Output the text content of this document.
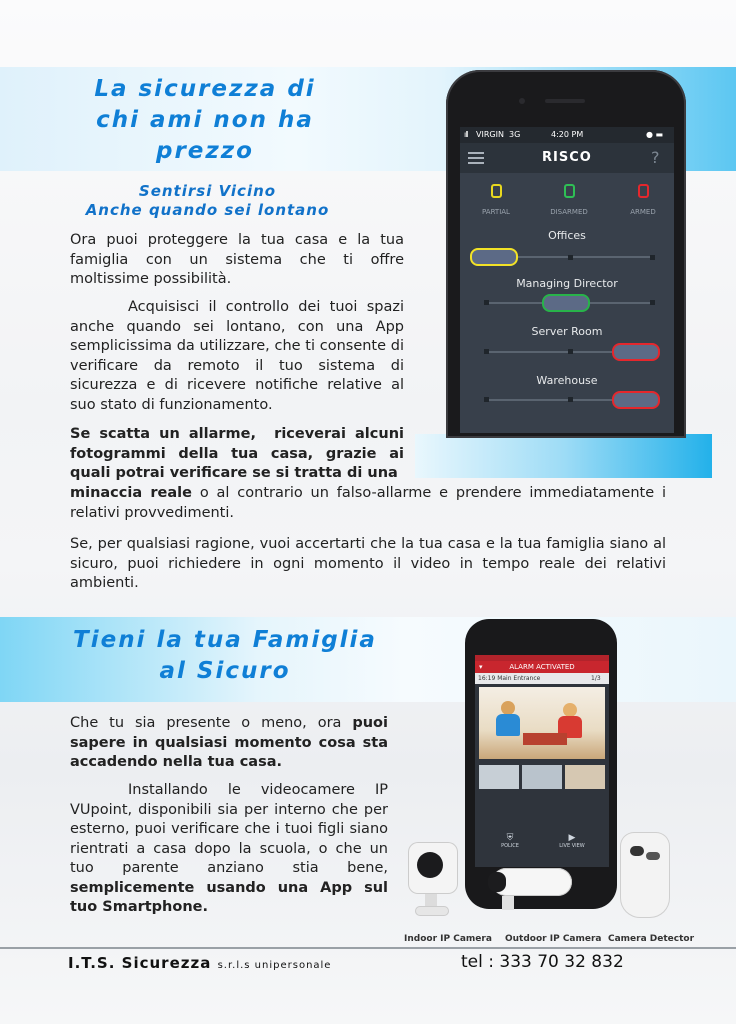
La sicurezza di
chi ami non ha
prezzo
Sentirsi Vicino
Anche quando sei lontano
Ora puoi proteggere la tua casa e la tua famiglia con un sistema che ti offre moltissime possibilità.
Acquisisci il controllo dei tuoi spazi anche quando sei lontano, con una App semplicissima da utilizzare, che ti consente di verificare da remoto il tuo sistema di sicurezza e di ricevere notifiche relative al suo stato di funzionamento.
Se scatta un allarme,  riceverai alcuni fotogrammi della tua casa, grazie ai quali potrai verificare se si tratta di una
minaccia reale o al contrario un falso-allarme e prendere immediatamente i relativi provvedimenti.
Se, per qualsiasi ragione, vuoi accertarti che la tua casa e la tua famiglia siano al sicuro, puoi richiedere in ogni momento il video in tempo reale dei relativi ambienti.
ıll VIRGIN 3G	4:20 PM	● ▬
RISCO	?
PARTIAL	DISARMED	ARMED
Offices
Managing Director
Server Room
Warehouse
Tieni la tua Famiglia
al Sicuro
Che tu sia presente o meno, ora puoi sapere in qualsiasi momento cosa sta accadendo nella tua casa.
Installando le videocamere IP VUpoint, disponibili sia per interno che per esterno, puoi verificare che i tuoi figli siano rientrati a casa dopo la scuola, o che un tuo parente anziano stia bene, semplicemente usando una App sul tuo Smartphone.
▾	ALARM ACTIVATED
16:19 Main Entrance	1/3
⛨
POLICE
▶
LIVE VIEW
Indoor IP Camera Outdoor IP Camera Camera Detector
I.T.S. Sicurezza s.r.l.s unipersonale	tel : 333 70 32 832
